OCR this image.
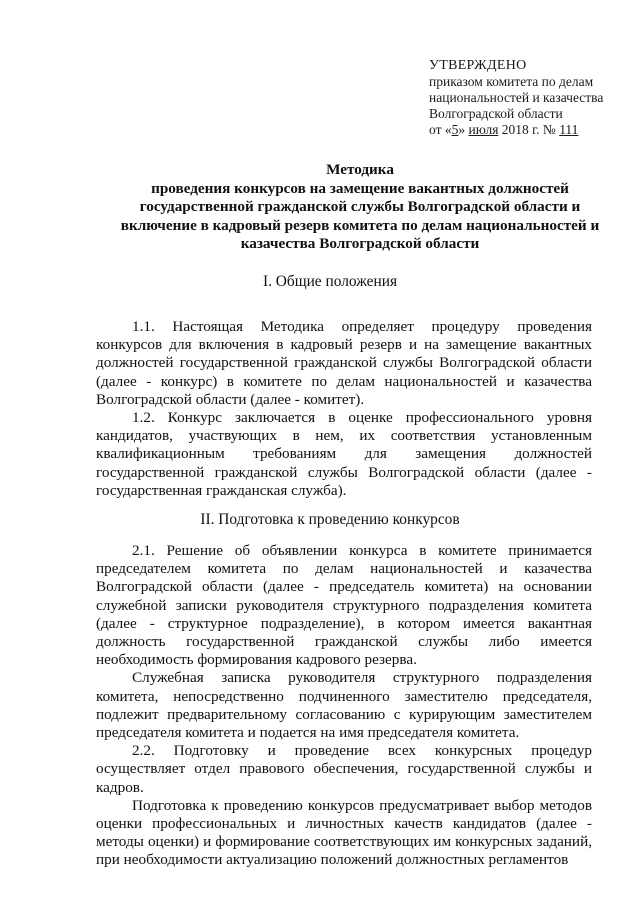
УТВЕРЖДЕНО
приказом комитета по делам
национальностей и казачества
Волгоградской области
от «5» июля 2018 г. № 111
Методика
проведения конкурсов на замещение вакантных должностей
государственной гражданской службы Волгоградской области и
включение в кадровый резерв комитета по делам национальностей и
казачества Волгоградской области
I. Общие положения

1.1. Настоящая Методика определяет процедуру проведения конкурсов для включения в кадровый резерв и на замещение вакантных должностей государственной гражданской службы Волгоградской области (далее - конкурс) в комитете по делам национальностей и казачества Волгоградской области (далее - комитет).

1.2. Конкурс заключается в оценке профессионального уровня кандидатов, участвующих в нем, их соответствия установленным квалификационным требованиям для замещения должностей государственной гражданской службы Волгоградской области (далее - государственная гражданская служба).

II. Подготовка к проведению конкурсов

2.1. Решение об объявлении конкурса в комитете принимается председателем комитета по делам национальностей и казачества Волгоградской области (далее - председатель комитета) на основании служебной записки руководителя структурного подразделения комитета (далее - структурное подразделение), в котором имеется вакантная должность государственной гражданской службы либо имеется необходимость формирования кадрового резерва.

Служебная записка руководителя структурного подразделения комитета, непосредственно подчиненного заместителю председателя, подлежит предварительному согласованию с курирующим заместителем председателя комитета и подается на имя председателя комитета.

2.2. Подготовку и проведение всех конкурсных процедур осуществляет отдел правового обеспечения, государственной службы и кадров.

Подготовка к проведению конкурсов предусматривает выбор методов оценки профессиональных и личностных качеств кандидатов (далее - методы оценки) и формирование соответствующих им конкурсных заданий, при необходимости актуализацию положений должностных регламентов
